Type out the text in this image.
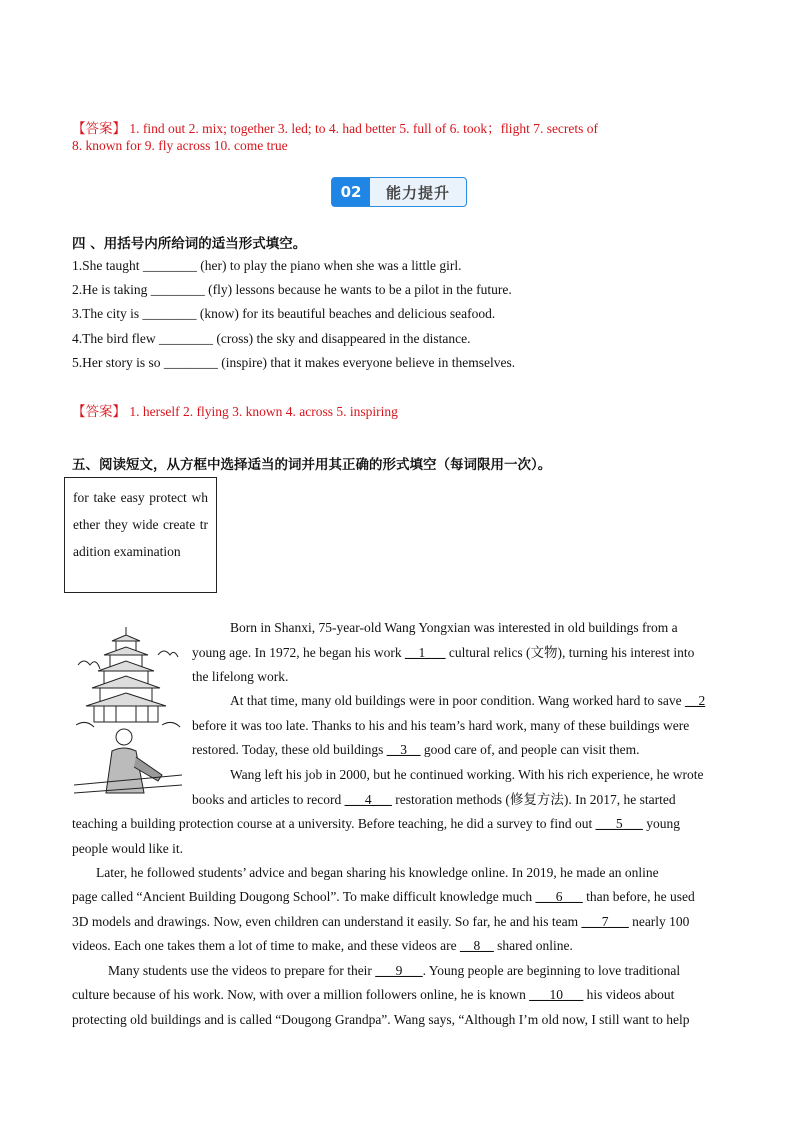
【答案】 1. find out 2. mix; together 3. led; to 4. had better 5. full of 6. took；flight 7. secrets of
8. known for 9. fly across 10. come true
02	能力提升
四 、用括号内所给词的适当形式填空。
1.She taught ________ (her) to play the piano when she was a little girl.
2.He is taking ________ (fly) lessons because he wants to be a pilot in the future.
3.The city is ________ (know) for its beautiful beaches and delicious seafood.
4.The bird flew ________ (cross) the sky and disappeared in the distance.
5.Her story is so ________ (inspire) that it makes everyone believe in themselves.
【答案】 1. herself 2. flying 3. known 4. across 5. inspiring
五、阅读短文，从方框中选择适当的词并用其正确的形式填空（每词限用一次）。
for take easy protect whether they wide create tradition examination
Born in Shanxi, 75-year-old Wang Yongxian was interested in old buildings from a
young age. In 1972, he began his work __1___ cultural relics (文物), turning his interest into
the lifelong work.
At that time, many old buildings were in poor condition. Wang worked hard to save __2
before it was too late. Thanks to his and his team’s hard work, many of these buildings were
restored. Today, these old buildings __3__ good care of, and people can visit them.
Wang left his job in 2000, but he continued working. With his rich experience, he wrote
books and articles to record ___4___ restoration methods (修复方法). In 2017, he started
teaching a building protection course at a university. Before teaching, he did a survey to find out ___5___ young
people would like it.
Later, he followed students’ advice and began sharing his knowledge online. In 2019, he made an online
page called “Ancient Building Dougong School”. To make difficult knowledge much ___6___ than before, he used
3D models and drawings. Now, even children can understand it easily. So far, he and his team ___7___ nearly 100
videos. Each one takes them a lot of time to make, and these videos are __8__ shared online.
Many students use the videos to prepare for their ___9___. Young people are beginning to love traditional
culture because of his work. Now, with over a million followers online, he is known ___10___ his videos about
protecting old buildings and is called “Dougong Grandpa”. Wang says, “Although I’m old now, I still want to help
